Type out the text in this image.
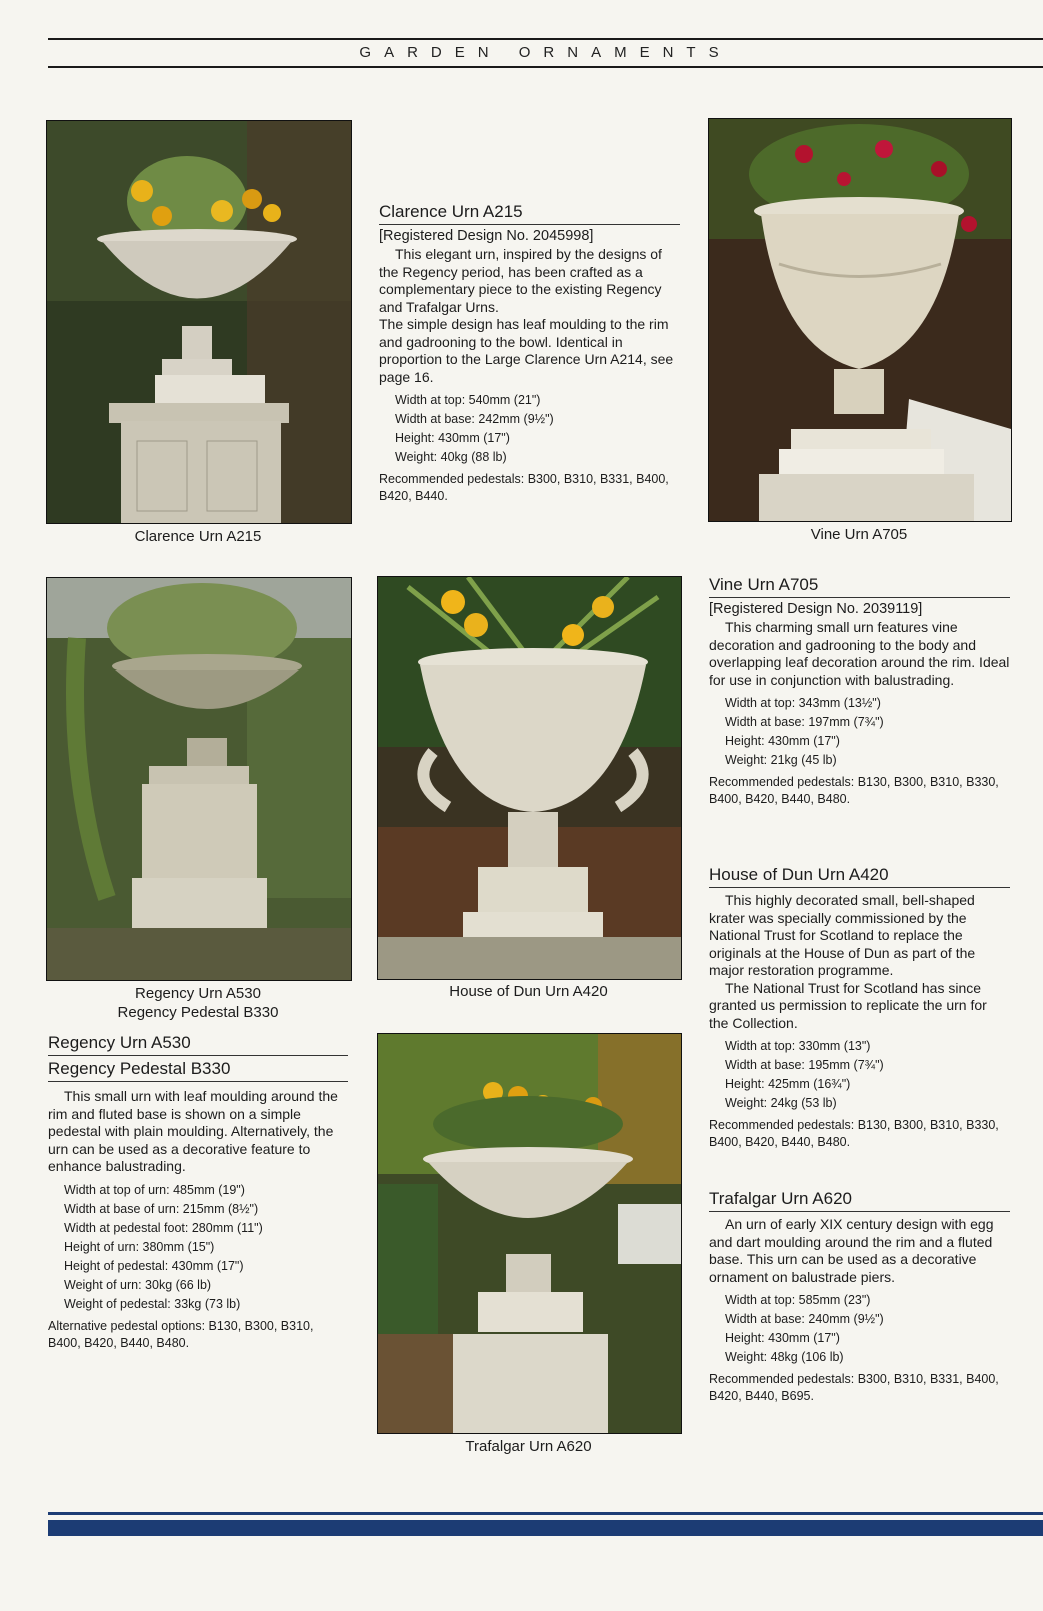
GARDEN ORNAMENTS
Clarence Urn A215
Clarence Urn A215
[Registered Design No. 2045998]

This elegant urn, inspired by the designs of the Regency period, has been crafted as a complementary piece to the existing Regency and Trafalgar Urns.

The simple design has leaf moulding to the rim and gadrooning to the bowl. Identical in proportion to the Large Clarence Urn A214, see page 16.

Width at top: 540mm (21")
Width at base: 242mm (9½")
Height: 430mm (17")
Weight: 40kg (88 lb)
Recommended pedestals: B300, B310, B331, B400, B420, B440.
Vine Urn A705
Regency Urn A530
Regency Pedestal B330
Regency Urn A530
Regency Pedestal B330

This small urn with leaf moulding around the rim and fluted base is shown on a simple pedestal with plain moulding. Alternatively, the urn can be used as a decorative feature to enhance balustrading.

Width at top of urn: 485mm (19")
Width at base of urn: 215mm (8½")
Width at pedestal foot: 280mm (11")
Height of urn: 380mm (15")
Height of pedestal: 430mm (17")
Weight of urn: 30kg (66 lb)
Weight of pedestal: 33kg (73 lb)
Alternative pedestal options: B130, B300, B310, B400, B420, B440, B480.
House of Dun Urn A420
Vine Urn A705
[Registered Design No. 2039119]

This charming small urn features vine decoration and gadrooning to the body and overlapping leaf decoration around the rim. Ideal for use in conjunction with balustrading.

Width at top: 343mm (13½")
Width at base: 197mm (7¾")
Height: 430mm (17")
Weight: 21kg (45 lb)
Recommended pedestals: B130, B300, B310, B330, B400, B420, B440, B480.
House of Dun Urn A420

This highly decorated small, bell-shaped krater was specially commissioned by the National Trust for Scotland to replace the originals at the House of Dun as part of the major restoration programme.

The National Trust for Scotland has since granted us permission to replicate the urn for the Collection.

Width at top: 330mm (13")
Width at base: 195mm (7¾")
Height: 425mm (16¾")
Weight: 24kg (53 lb)
Recommended pedestals: B130, B300, B310, B330, B400, B420, B440, B480.
Trafalgar Urn A620

An urn of early XIX century design with egg and dart moulding around the rim and a fluted base. This urn can be used as a decorative ornament on balustrade piers.

Width at top: 585mm (23")
Width at base: 240mm (9½")
Height: 430mm (17")
Weight: 48kg (106 lb)
Recommended pedestals: B300, B310, B331, B400, B420, B440, B695.
Trafalgar Urn A620
